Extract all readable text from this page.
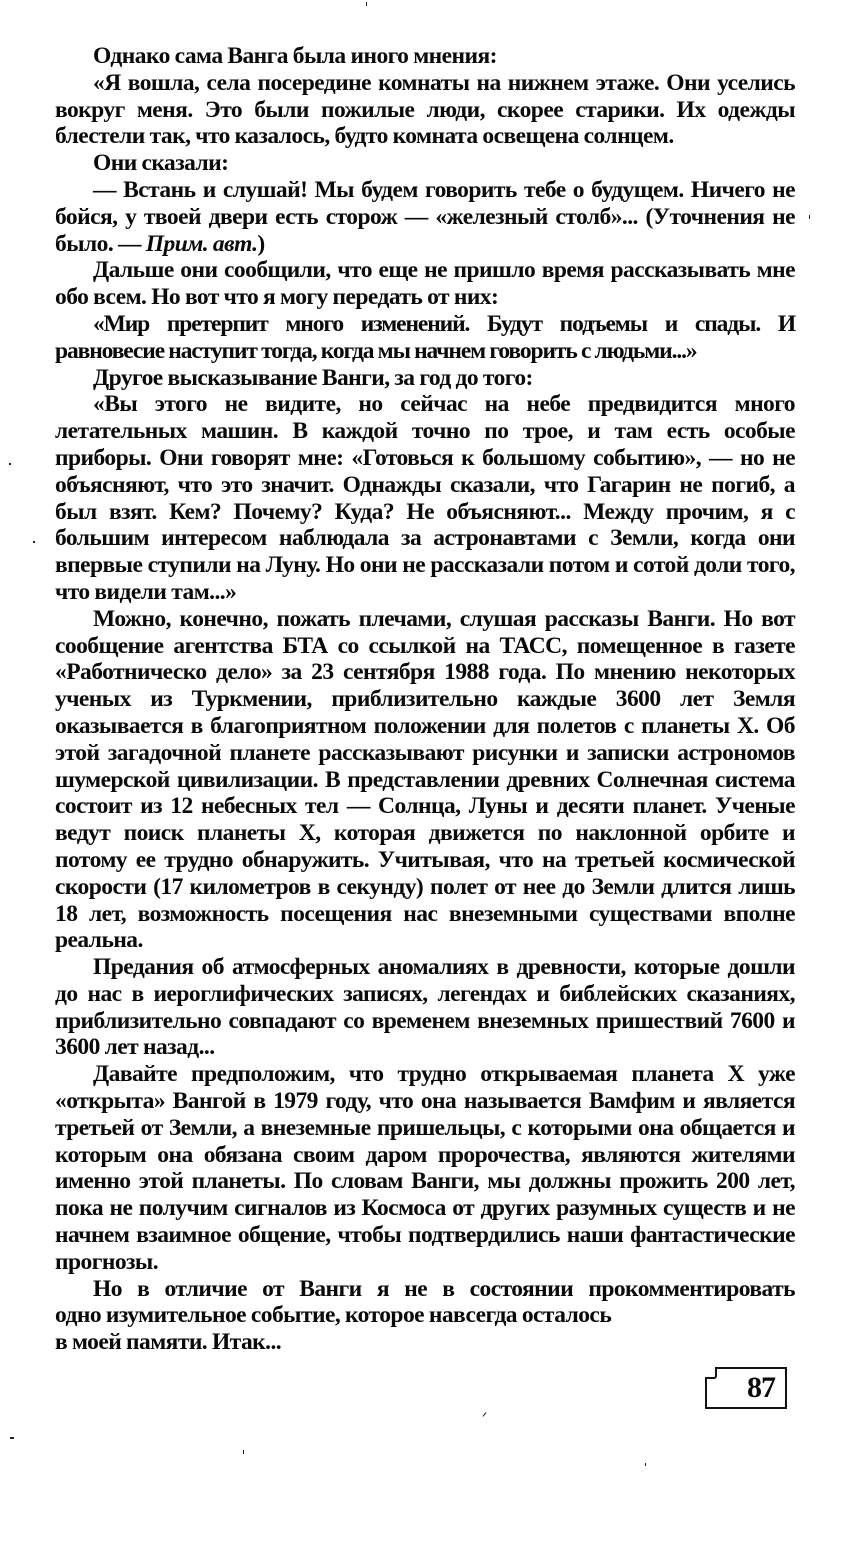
Однако сама Ванга была иного мнения:

«Я вошла, села посередине комнаты на нижнем этаже. Они уселись вокруг меня. Это были пожилые люди, скорее старики. Их одежды блестели так, что казалось, будто комната освещена солнцем.

Они сказали:

— Встань и слушай! Мы будем говорить тебе о будущем. Ничего не бойся, у твоей двери есть сторож — «железный столб»... (Уточнения не было. — Прим. авт.)

Дальше они сообщили, что еще не пришло время рассказывать мне обо всем. Но вот что я могу передать от них:

«Мир претерпит много изменений. Будут подъемы и спады. И равновесие наступит тогда, когда мы начнем говорить с людьми...»

Другое высказывание Ванги, за год до того:

«Вы этого не видите, но сейчас на небе предвидится много летательных машин. В каждой точно по трое, и там есть особые приборы. Они говорят мне: «Готовься к большому событию», — но не объясняют, что это значит. Однажды сказали, что Гагарин не погиб, а был взят. Кем? Почему? Куда? Не объясняют... Между прочим, я с большим интересом наблюдала за астронавтами с Земли, когда они впервые ступили на Луну. Но они не рассказали потом и сотой доли того, что видели там...»

Можно, конечно, пожать плечами, слушая рассказы Ванги. Но вот сообщение агентства БТА со ссылкой на ТАСС, помещенное в газете «Работническо дело» за 23 сентября 1988 года. По мнению некоторых ученых из Туркмении, приблизительно каждые 3600 лет Земля оказывается в благоприятном положении для полетов с планеты X. Об этой загадочной планете рассказывают рисунки и записки астрономов шумерской цивилизации. В представлении древних Солнечная система состоит из 12 небесных тел — Солнца, Луны и десяти планет. Ученые ведут поиск планеты X, которая движется по наклонной орбите и потому ее трудно обнаружить. Учитывая, что на третьей космической скорости (17 километров в секунду) полет от нее до Земли длится лишь 18 лет, возможность посещения нас внеземными существами вполне реальна.

Предания об атмосферных аномалиях в древности, которые дошли до нас в иероглифических записях, легендах и библейских сказаниях, приблизительно совпадают со временем внеземных пришествий 7600 и 3600 лет назад...

Давайте предположим, что трудно открываемая планета X уже «открыта» Вангой в 1979 году, что она называется Вамфим и является третьей от Земли, а внеземные пришельцы, с которыми она общается и которым она обязана своим даром пророчества, являются жителями именно этой планеты. По словам Ванги, мы должны прожить 200 лет, пока не получим сигналов из Космоса от других разумных существ и не начнем взаимное общение, чтобы подтвердились наши фантастические прогнозы.

Но в отличие от Ванги я не в состоянии прокомментировать

одно изумительное событие, которое навсегда осталось

в моей памяти. Итак...

87
